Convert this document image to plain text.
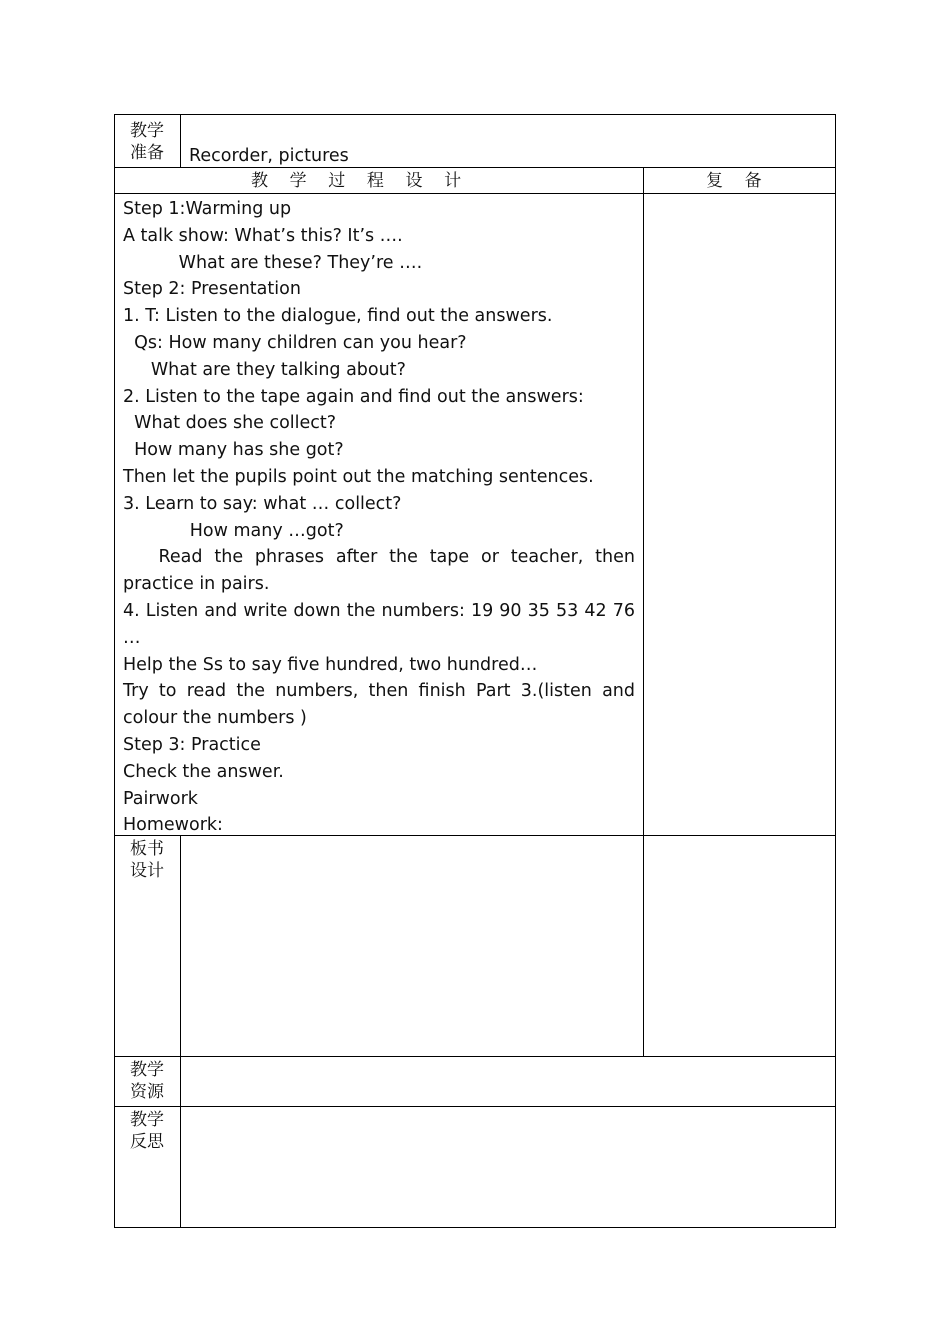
教学
准备	Recorder, pictures
教    学    过    程    设    计	复    备
Step 1:Warming up
A talk show: What’s this? It’s ….
What are these? They’re ….
Step 2: Presentation
1. T: Listen to the dialogue, find out the answers.
Qs: How many children can you hear?
What are they talking about?
2. Listen to the tape again and find out the answers:
What does she collect?
How many has she got?
Then let the pupils point out the matching sentences.
3. Learn to say: what … collect?
How many …got?
Read the phrases after the tape or teacher, then
practice in pairs.
4. Listen and write down the numbers: 19 90 35 53 42 76
…
Help the Ss to say five hundred, two hundred…
Try to read the numbers, then finish Part 3.(listen and
colour the numbers )
Step 3: Practice
Check the answer.
Pairwork
Homework:
板书
设计
教学
资源
教学
反思
